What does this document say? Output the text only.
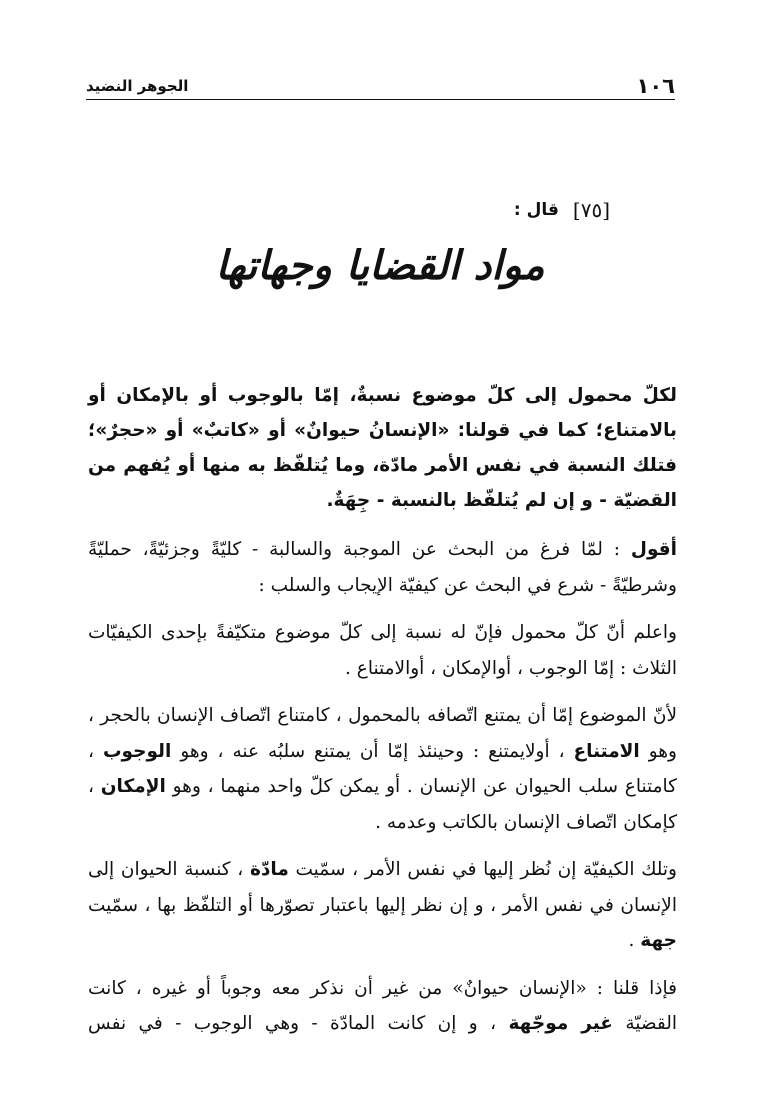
١٠٦
الجوهر النضيد
[٧٥]
قال :
مواد القضايا وجهاتها

لكلّ محمول إلى كلّ موضوع نسبةٌ، إمّا بالوجوب أو بالإمكان أو بالامتناع؛ كما في قولنا: «الإنسانُ حيوانٌ» أو «كاتبٌ» أو «حجرٌ»؛ فتلك النسبة في نفس الأمر مادّة، وما يُتلفّظ به منها أو يُفهم من القضيّة - و إن لم يُتلفّظ بالنسبة - جِهَةٌ.

أقول : لمّا فرغ من البحث عن الموجبة والسالبة - كليّةً وجزئيّةً، حمليّةً وشرطيّةً - شرع في البحث عن كيفيّة الإيجاب والسلب :

واعلم أنّ كلّ محمول فإنّ له نسبة إلى كلّ موضوع متكيّفةً بإحدى الكيفيّات الثلاث : إمّا الوجوب ، أوالإمكان ، أوالامتناع .

لأنّ الموضوع إمّا أن يمتنع اتّصافه بالمحمول ، كامتناع اتّصاف الإنسان بالحجر ، وهو الامتناع ، أولايمتنع : وحينئذ إمّا أن يمتنع سلبُه عنه ، وهو الوجوب ، كامتناع سلب الحيوان عن الإنسان . أو يمكن كلّ واحد منهما ، وهو الإمكان ، كإمكان اتّصاف الإنسان بالكاتب وعدمه .

وتلك الكيفيّة إن نُظر إليها في نفس الأمر ، سمّيت مادّة ، كنسبة الحيوان إلى الإنسان في نفس الأمر ، و إن نظر إليها باعتبار تصوّرها أو التلفّظ بها ، سمّيت جهة .

فإذا قلنا : «الإنسان حيوانٌ» من غير أن نذكر معه وجوباً أو غيره ، كانت القضيّة غير موجّهة ، و إن كانت المادّة - وهي الوجوب - في نفس
